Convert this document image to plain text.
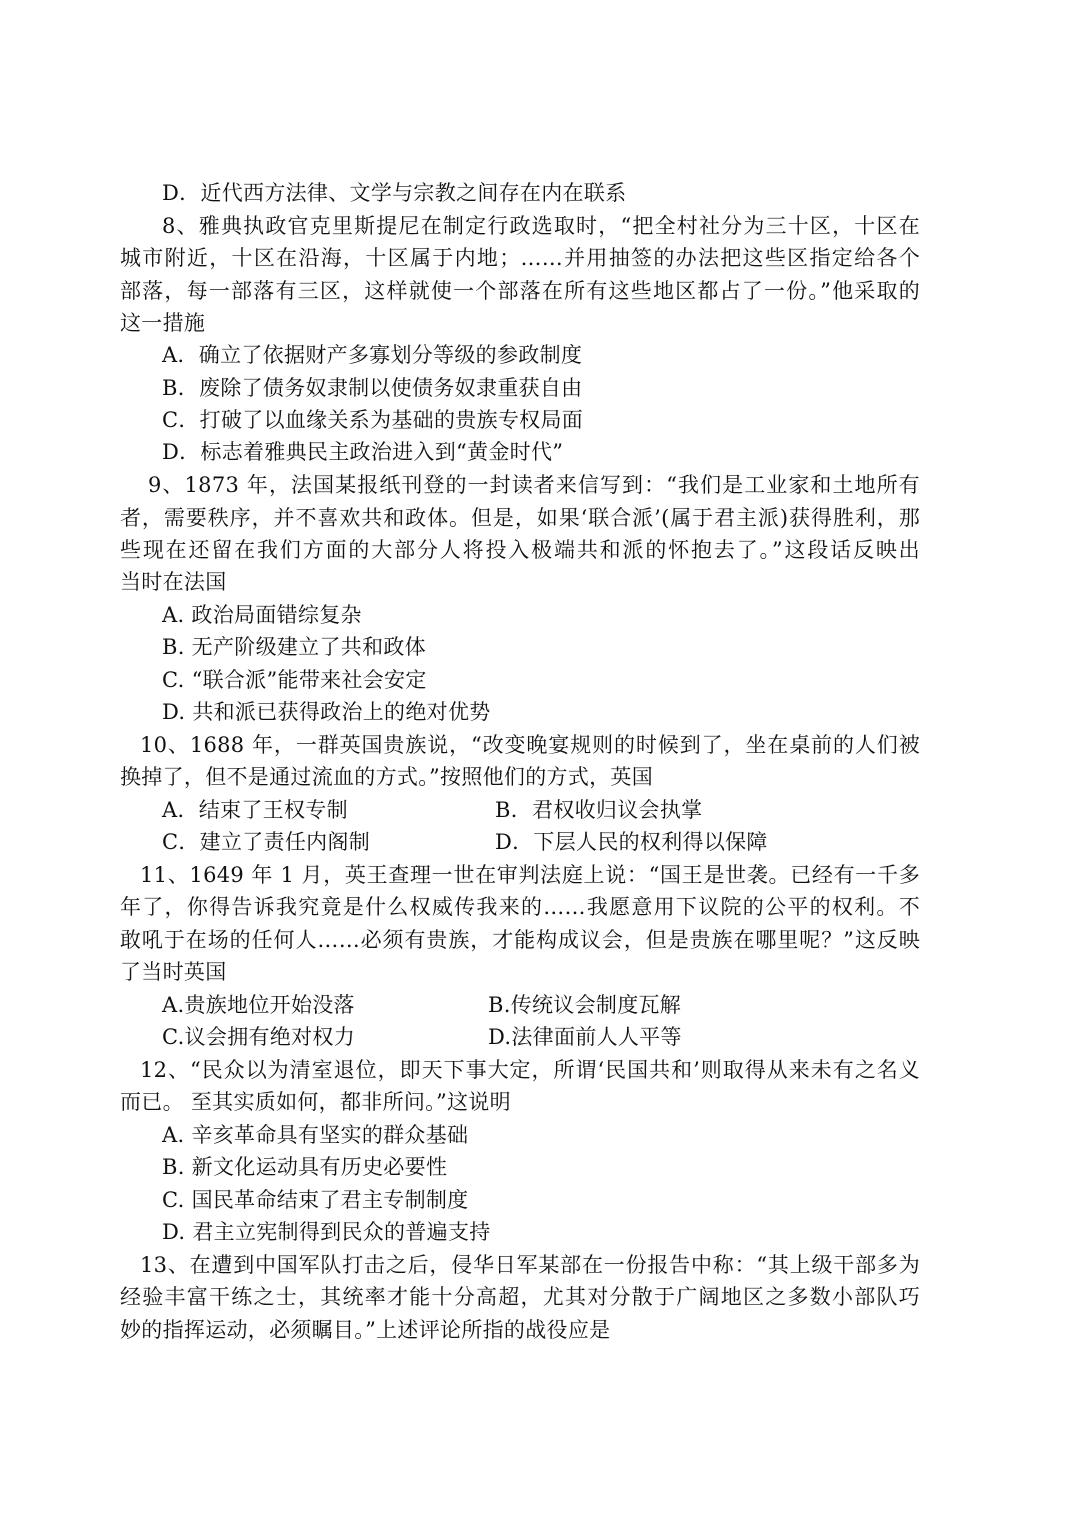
D．近代西方法律、文学与宗教之间存在内在联系
8、雅典执政官克里斯提尼在制定行政选取时，“把全村社分为三十区，十区在
城市附近，十区在沿海，十区属于内地；……并用抽签的办法把这些区指定给各个
部落，每一部落有三区，这样就使一个部落在所有这些地区都占了一份。”他采取的
这一措施
A．确立了依据财产多寡划分等级的参政制度
B．废除了债务奴隶制以使债务奴隶重获自由
C．打破了以血缘关系为基础的贵族专权局面
D．标志着雅典民主政治进入到“黄金时代”
9、1873 年，法国某报纸刊登的一封读者来信写到：“我们是工业家和土地所有
者，需要秩序，并不喜欢共和政体。但是，如果‘联合派’(属于君主派)获得胜利，那
些现在还留在我们方面的大部分人将投入极端共和派的怀抱去了。”这段话反映出
当时在法国
A. 政治局面错综复杂
B. 无产阶级建立了共和政体
C. “联合派”能带来社会安定
D. 共和派已获得政治上的绝对优势
10、1688 年，一群英国贵族说，“改变晚宴规则的时候到了，坐在桌前的人们被
换掉了，但不是通过流血的方式。”按照他们的方式，英国
A．结束了王权专制	B．君权收归议会执掌
C．建立了责任内阁制	D．下层人民的权利得以保障
11、1649 年 1 月，英王查理一世在审判法庭上说：“国王是世袭。已经有一千多
年了，你得告诉我究竟是什么权威传我来的……我愿意用下议院的公平的权利。不
敢吼于在场的任何人……必须有贵族，才能构成议会，但是贵族在哪里呢？”这反映
了当时英国
A.贵族地位开始没落	B.传统议会制度瓦解
C.议会拥有绝对权力	D.法律面前人人平等
12、“民众以为清室退位，即天下事大定，所谓‘民国共和’则取得从来未有之名义
而已。 至其实质如何，都非所问。”这说明
A. 辛亥革命具有坚实的群众基础
B. 新文化运动具有历史必要性
C. 国民革命结束了君主专制制度
D. 君主立宪制得到民众的普遍支持
13、在遭到中国军队打击之后，侵华日军某部在一份报告中称：“其上级干部多为
经验丰富干练之士，其统率才能十分高超，尤其对分散于广阔地区之多数小部队巧
妙的指挥运动，必须瞩目。”上述评论所指的战役应是
